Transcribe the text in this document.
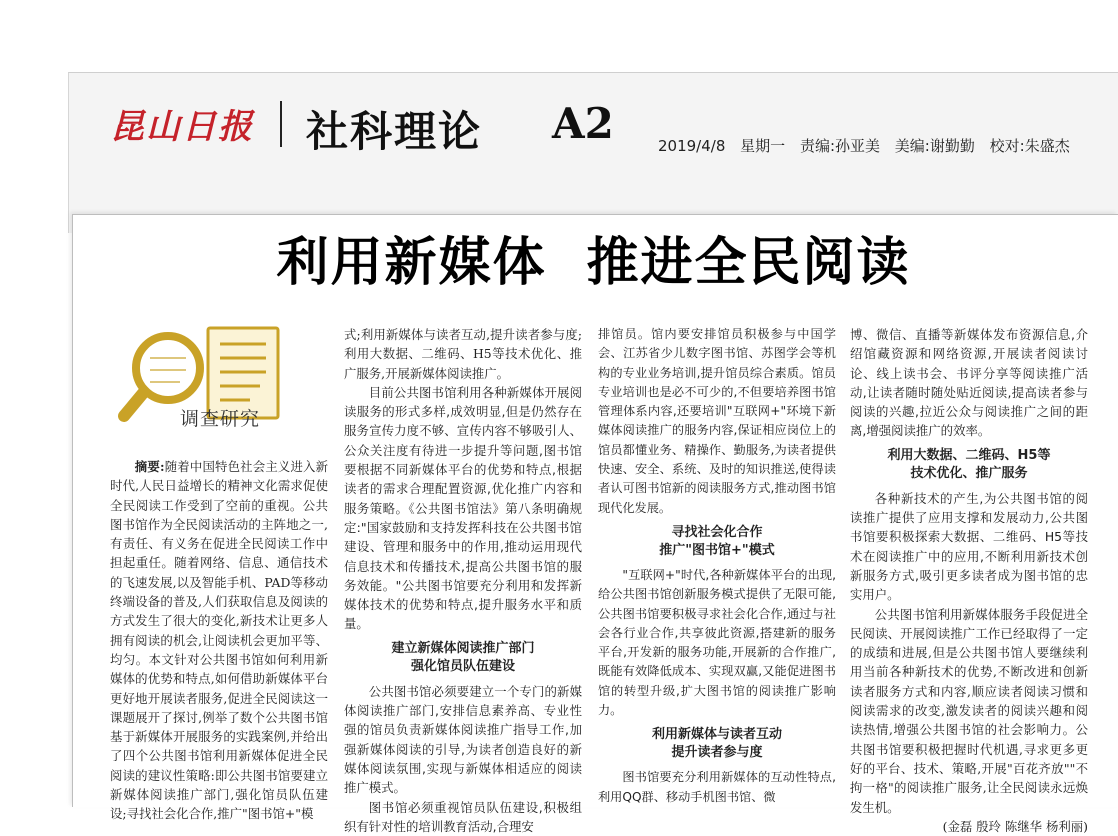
昆山日报 社科理论 A2	2019/4/8 星期一 责编:孙亚美 美编:谢勤勤 校对:朱盛杰
利用新媒体 推进全民阅读
调查研究

摘要:随着中国特色社会主义进入新时代,人民日益增长的精神文化需求促使全民阅读工作受到了空前的重视。公共图书馆作为全民阅读活动的主阵地之一,有责任、有义务在促进全民阅读工作中担起重任。随着网络、信息、通信技术的飞速发展,以及智能手机、PAD等移动终端设备的普及,人们获取信息及阅读的方式发生了很大的变化,新技术让更多人拥有阅读的机会,让阅读机会更加平等、均匀。本文针对公共图书馆如何利用新媒体的优势和特点,如何借助新媒体平台更好地开展读者服务,促进全民阅读这一课题展开了探讨,例举了数个公共图书馆基于新媒体开展服务的实践案例,并给出了四个公共图书馆利用新媒体促进全民阅读的建议性策略:即公共图书馆要建立新媒体阅读推广部门,强化馆员队伍建设;寻找社会化合作,推广"图书馆+"模

式;利用新媒体与读者互动,提升读者参与度;利用大数据、二维码、H5等技术优化、推广服务,开展新媒体阅读推广。

目前公共图书馆利用各种新媒体开展阅读服务的形式多样,成效明显,但是仍然存在服务宣传力度不够、宣传内容不够吸引人、公众关注度有待进一步提升等问题,图书馆要根据不同新媒体平台的优势和特点,根据读者的需求合理配置资源,优化推广内容和服务策略。《公共图书馆法》第八条明确规定:"国家鼓励和支持发挥科技在公共图书馆建设、管理和服务中的作用,推动运用现代信息技术和传播技术,提高公共图书馆的服务效能。"公共图书馆要充分利用和发挥新媒体技术的优势和特点,提升服务水平和质量。

建立新媒体阅读推广部门
强化馆员队伍建设

公共图书馆必须要建立一个专门的新媒体阅读推广部门,安排信息素养高、专业性强的馆员负责新媒体阅读推广指导工作,加强新媒体阅读的引导,为读者创造良好的新媒体阅读氛围,实现与新媒体相适应的阅读推广模式。

图书馆必须重视馆员队伍建设,积极组织有针对性的培训教育活动,合理安

排馆员。馆内要安排馆员积极参与中国学会、江苏省少儿数字图书馆、苏图学会等机构的专业业务培训,提升馆员综合素质。馆员专业培训也是必不可少的,不但要培养图书馆管理体系内容,还要培训"互联网+"环境下新媒体阅读推广的服务内容,保证相应岗位上的馆员都懂业务、精操作、勤服务,为读者提供快速、安全、系统、及时的知识推送,使得读者认可图书馆新的阅读服务方式,推动图书馆现代化发展。

寻找社会化合作
推广"图书馆+"模式

"互联网+"时代,各种新媒体平台的出现,给公共图书馆创新服务模式提供了无限可能,公共图书馆要积极寻求社会化合作,通过与社会各行业合作,共享彼此资源,搭建新的服务平台,开发新的服务功能,开展新的合作推广,既能有效降低成本、实现双赢,又能促进图书馆的转型升级,扩大图书馆的阅读推广影响力。

利用新媒体与读者互动
提升读者参与度

图书馆要充分利用新媒体的互动性特点,利用QQ群、移动手机图书馆、微

博、微信、直播等新媒体发布资源信息,介绍馆藏资源和网络资源,开展读者阅读讨论、线上读书会、书评分享等阅读推广活动,让读者随时随处贴近阅读,提高读者参与阅读的兴趣,拉近公众与阅读推广之间的距离,增强阅读推广的效率。

利用大数据、二维码、H5等
技术优化、推广服务

各种新技术的产生,为公共图书馆的阅读推广提供了应用支撑和发展动力,公共图书馆要积极探索大数据、二维码、H5等技术在阅读推广中的应用,不断利用新技术创新服务方式,吸引更多读者成为图书馆的忠实用户。

公共图书馆利用新媒体服务手段促进全民阅读、开展阅读推广工作已经取得了一定的成绩和进展,但是公共图书馆人要继续利用当前各种新技术的优势,不断改进和创新读者服务方式和内容,顺应读者阅读习惯和阅读需求的改变,激发读者的阅读兴趣和阅读热情,增强公共图书馆的社会影响力。公共图书馆要积极把握时代机遇,寻求更多更好的平台、技术、策略,开展"百花齐放""不拘一格"的阅读推广服务,让全民阅读永远焕发生机。

(金磊 殷玲 陈继华 杨利丽)
